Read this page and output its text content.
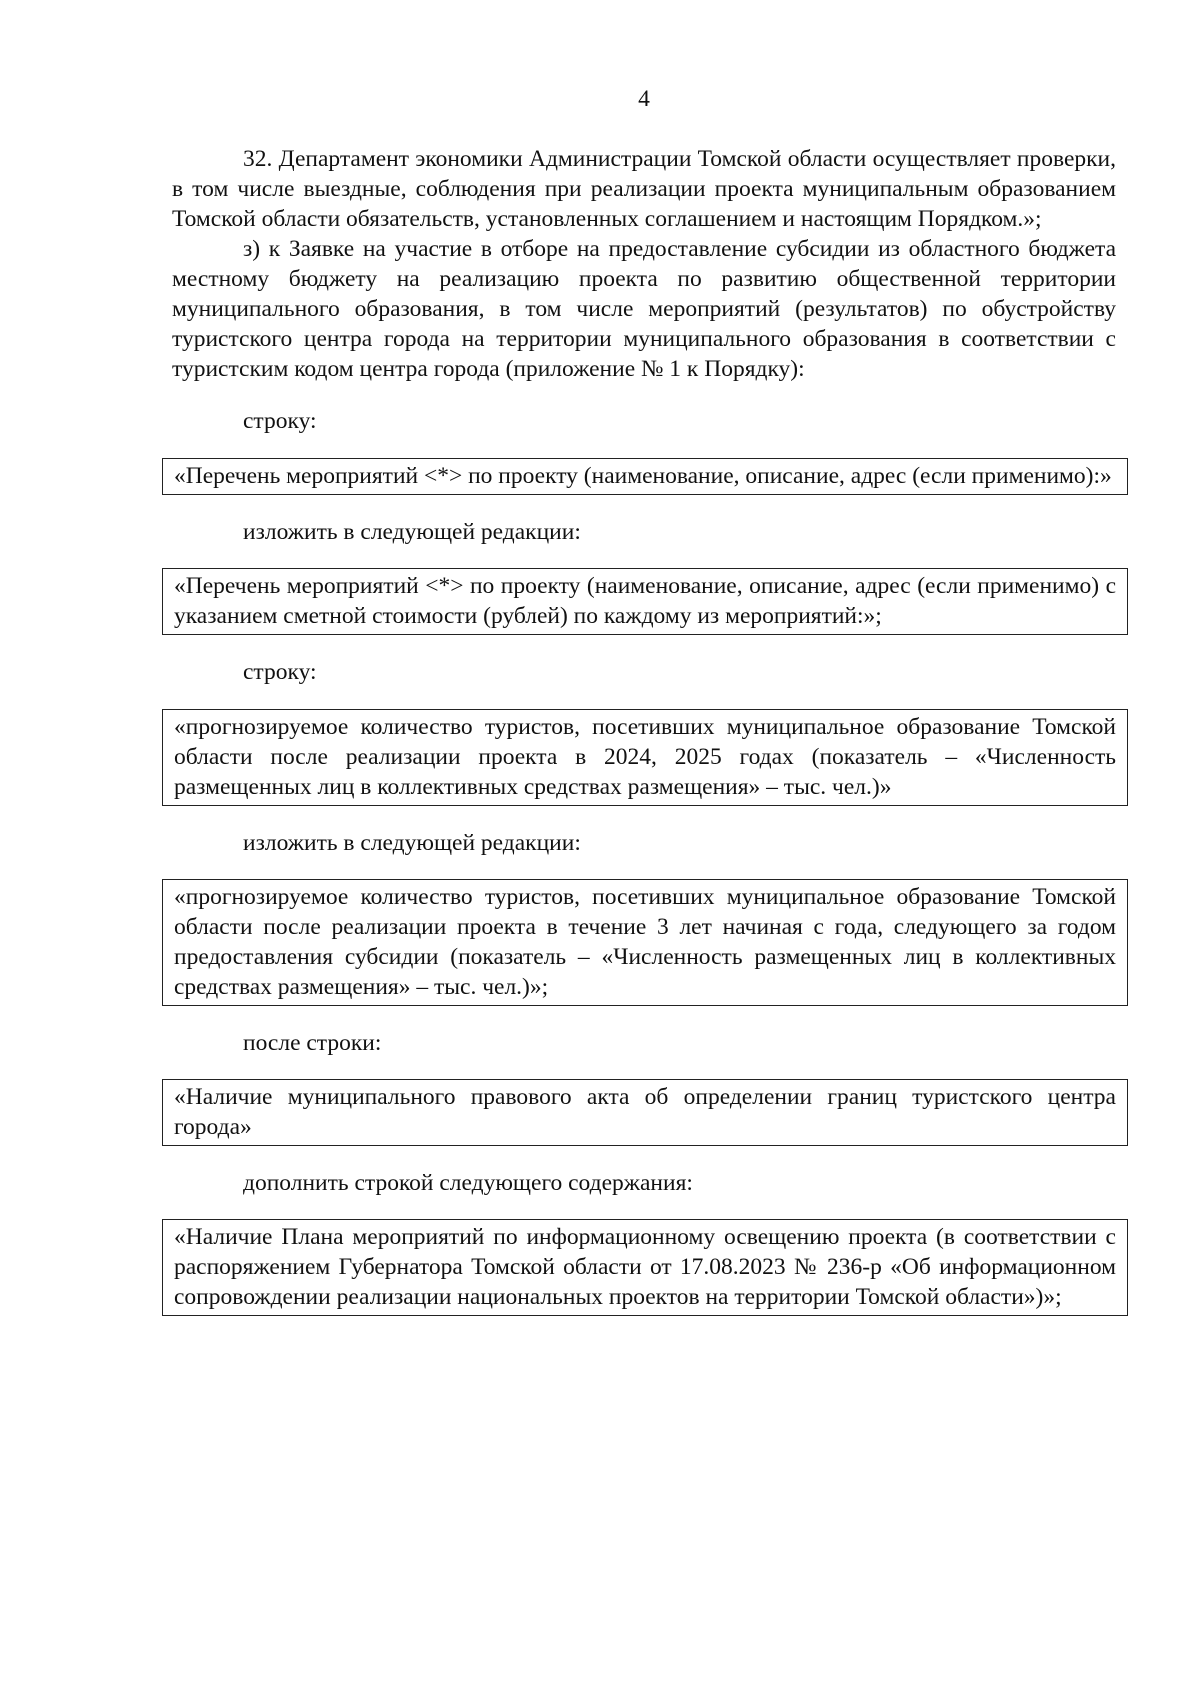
4

32. Департамент экономики Администрации Томской области осуществляет проверки, в том числе выездные, соблюдения при реализации проекта муниципальным образованием Томской области обязательств, установленных соглашением и настоящим Порядком.»;

з) к Заявке на участие в отборе на предоставление субсидии из областного бюджета местному бюджету на реализацию проекта по развитию общественной территории муниципального образования, в том числе мероприятий (результатов) по обустройству туристского центра города на территории муниципального образования в соответствии с туристским кодом центра города (приложение № 1 к Порядку):

строку:

«Перечень мероприятий <*> по проекту (наименование, описание, адрес (если применимо):»

изложить в следующей редакции:

«Перечень мероприятий <*> по проекту (наименование, описание, адрес (если применимо) с указанием сметной стоимости (рублей) по каждому из мероприятий:»;

строку:

«прогнозируемое количество туристов, посетивших муниципальное образование Томской области после реализации проекта в 2024, 2025 годах (показатель – «Численность размещенных лиц в коллективных средствах размещения» – тыс. чел.)»

изложить в следующей редакции:

«прогнозируемое количество туристов, посетивших муниципальное образование Томской области после реализации проекта в течение 3 лет начиная с года, следующего за годом предоставления субсидии (показатель – «Численность размещенных лиц в коллективных средствах размещения» – тыс. чел.)»;

после строки:

«Наличие муниципального правового акта об определении границ туристского центра города»

дополнить строкой следующего содержания:

«Наличие Плана мероприятий по информационному освещению проекта (в соответствии с распоряжением Губернатора Томской области от 17.08.2023 № 236-р «Об информационном сопровождении реализации национальных проектов на территории Томской области»)»;
